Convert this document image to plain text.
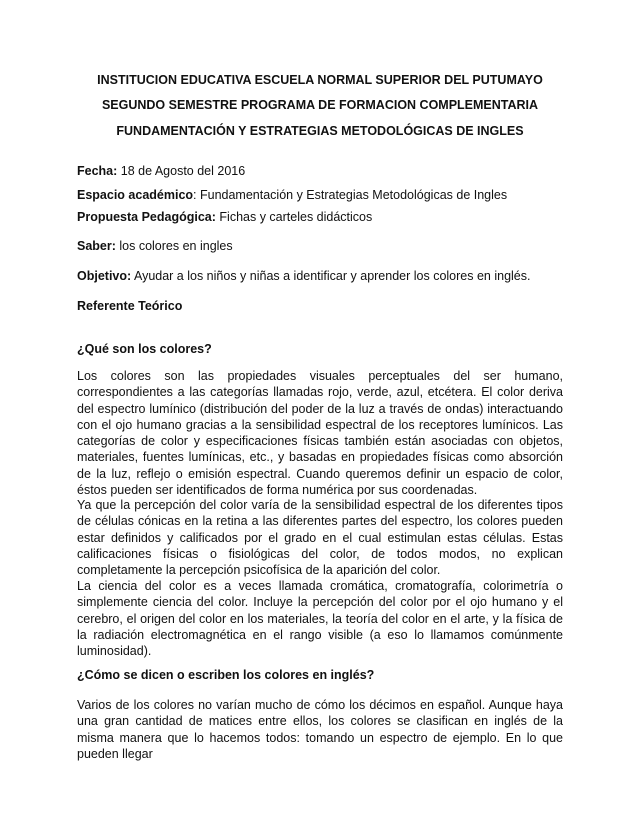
INSTITUCION EDUCATIVA ESCUELA NORMAL SUPERIOR DEL PUTUMAYO
SEGUNDO SEMESTRE PROGRAMA DE FORMACION COMPLEMENTARIA
FUNDAMENTACIÓN Y ESTRATEGIAS METODOLÓGICAS DE INGLES
Fecha: 18 de Agosto del 2016
Espacio académico: Fundamentación y Estrategias Metodológicas de Ingles
Propuesta Pedagógica: Fichas y carteles didácticos
Saber: los colores en ingles
Objetivo: Ayudar a los niños y niñas a identificar y aprender los colores en inglés.
Referente Teórico
¿Qué son los colores?
Los colores son las propiedades visuales perceptuales del ser humano, correspondientes a las categorías llamadas rojo, verde, azul, etcétera. El color deriva del espectro lumínico (distribución del poder de la luz a través de ondas) interactuando con el ojo humano gracias a la sensibilidad espectral de los receptores lumínicos. Las categorías de color y especificaciones físicas también están asociadas con objetos, materiales, fuentes lumínicas, etc., y basadas en propiedades físicas como absorción de la luz, reflejo o emisión espectral. Cuando queremos definir un espacio de color, éstos pueden ser identificados de forma numérica por sus coordenadas.
Ya que la percepción del color varía de la sensibilidad espectral de los diferentes tipos de células cónicas en la retina a las diferentes partes del espectro, los colores pueden estar definidos y calificados por el grado en el cual estimulan estas células. Estas calificaciones físicas o fisiológicas del color, de todos modos, no explican completamente la percepción psicofísica de la aparición del color.
La ciencia del color es a veces llamada cromática, cromatografía, colorimetría o simplemente ciencia del color. Incluye la percepción del color por el ojo humano y el cerebro, el origen del color en los materiales, la teoría del color en el arte, y la física de la radiación electromagnética en el rango visible (a eso lo llamamos comúnmente luminosidad).
¿Cómo se dicen o escriben los colores en inglés?
Varios de los colores no varían mucho de cómo los décimos en español. Aunque haya una gran cantidad de matices entre ellos, los colores se clasifican en inglés de la misma manera que lo hacemos todos: tomando un espectro de ejemplo. En lo que pueden llegar
